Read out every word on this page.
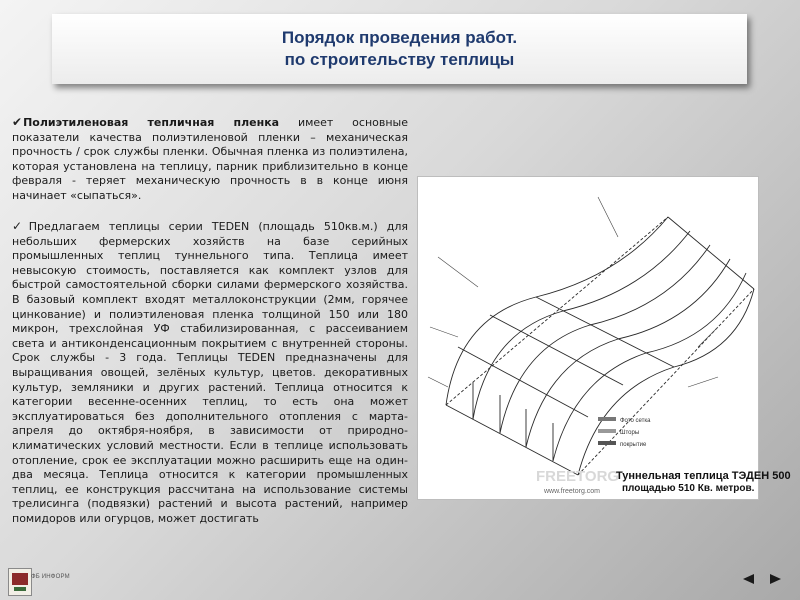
Порядок проведения работ.
по строительству теплицы
✔Полиэтиленовая тепличная пленка имеет основные показатели качества полиэтиленовой пленки – механическая прочность / срок службы пленки. Обычная пленка из полиэтилена, которая установлена на теплицу, парник приблизительно в конце февраля - теряет механическую прочность в в конце июня начинает «сыпаться».
✓Предлагаем теплицы серии TEDEN (площадь 510кв.м.) для небольших фермерских хозяйств на базе серийных промышленных теплиц туннельного типа. Теплица имеет невысокую стоимость, поставляется как комплект узлов для быстрой самостоятельной сборки силами фермерского хозяйства. В базовый комплект входят металлоконструкции (2мм, горячее цинкование) и полиэтиленовая пленка толщиной 150 или 180 микрон, трехслойная УФ стабилизированная, с рассеиванием света и антиконденсационным покрытием с внутренней стороны. Срок службы - 3 года. Теплицы TEDEN предназначены для выращивания овощей, зелёных культур, цветов. декоративных культур, земляники и других растений. Теплица относится к категории весенне-осенних теплиц, то есть она может эксплуатироваться без дополнительного отопления с марта-апреля до октября-ноября, в зависимости от природно-климатических условий местности. Если в теплице использовать отопление, срок ее эксплуатации можно расширить еще на один-два месяца. Теплица относится к категории промышленных теплиц, ее конструкция рассчитана на использование системы трелисинга (подвязки) растений и высота растений, например помидоров или огурцов, может достигать
Фото сетка
Шторы
покрытие
FREETORG
Туннельная теплица ТЭДЕН 500
площадью 510 Кв. метров.
www.freetorg.com
ФБ ИНФОРМ
